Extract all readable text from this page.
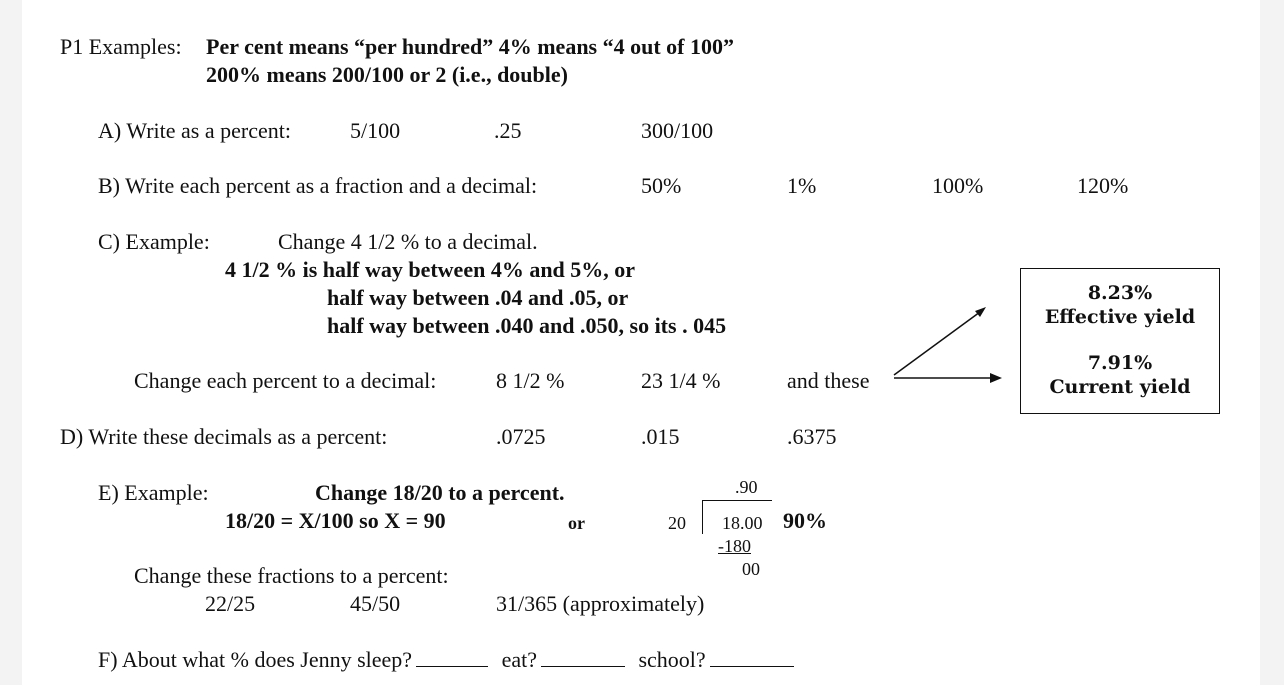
P1 Examples: Per cent means “per hundred” 4% means “4 out of 100”
200% means 200/100 or 2 (i.e., double)
A) Write as a percent:	5/100	.25	300/100
B) Write each percent as a fraction and a decimal:	50%	1%	100%	120%
C) Example:	Change 4 1/2 % to a decimal.
4 1/2 % is half way between 4% and 5%, or
half way between .04 and .05, or
half way between .040 and .050, so its . 045
Change each percent to a decimal:	8 1/2 %	23 1/4 %	and these
8.23%
Effective yield
7.91%
Current yield
D) Write these decimals as a percent:	.0725	.015	.6375
E) Example:	Change 18/20 to a percent.
18/20 = X/100 so X = 90	or
.90
20 18.00 90%
-180
00
Change these fractions to a percent:
22/25	45/50	31/365 (approximately)
F) About what % does Jenny sleep?	eat?	school?
